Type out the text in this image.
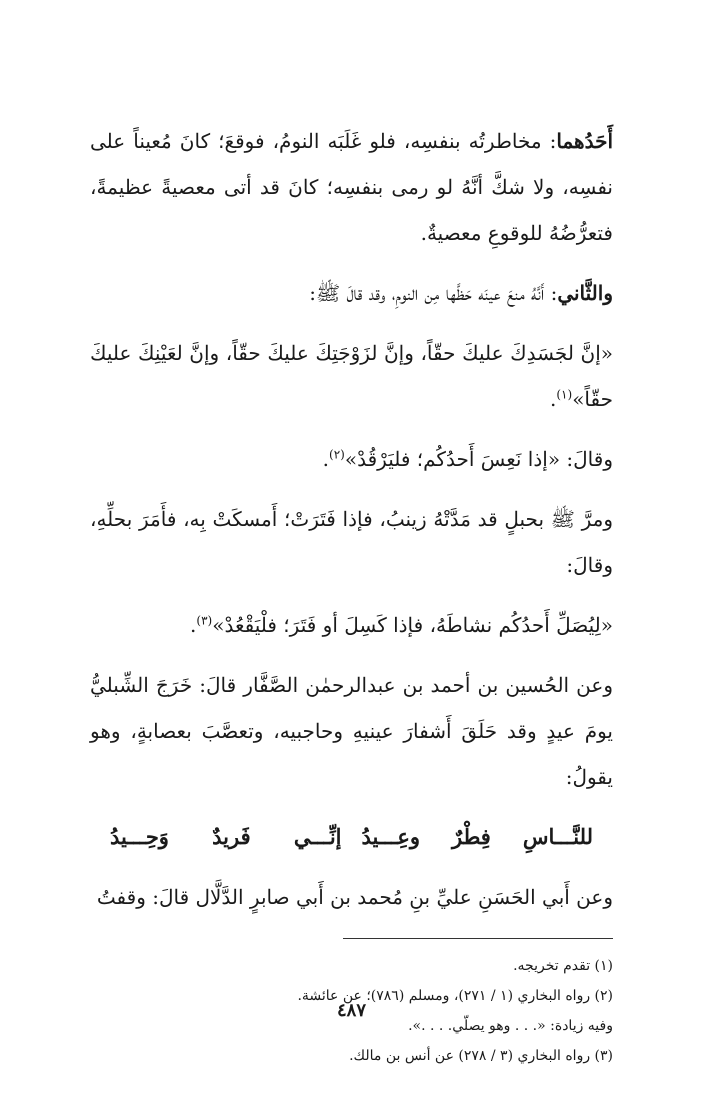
أَحَدُهما: مخاطرتُه بنفسِه، فلو غَلَبَه النومُ، فوقعَ؛ كانَ مُعيناً على نفسِه، ولا شكَّ أنَّهُ لو رمى بنفسِه؛ كانَ قد أتى معصيةً عظيمةً، فتعرُّضُهُ للوقوعِ معصيةٌ.

والثَّاني: أَنَّهُ منعَ عينَه حَظَّها مِن النومِ، وقد قالَ ﷺ:

«إنَّ لجَسَدِكَ عليكَ حقّاً، وإنَّ لزَوْجَتِكَ عليكَ حقّاً، وإنَّ لعَيْنِكَ عليكَ حقّاً»$^{(١)}$.

وقالَ: «إذا نَعِسَ أَحدُكُم؛ فليَرْقُدْ»$^{(٢)}$.

ومرَّ ﷺ بحبلٍ قد مَدَّتْهُ زينبُ، فإذا فَتَرَتْ؛ أَمسكَتْ بِه، فأَمَرَ بحلِّهِ، وقالَ:

«لِيُصَلِّ أَحدُكُم نشاطَهُ، فإذا كَسِلَ أو فَتَرَ؛ فلْيَقْعُدْ»$^{(٣)}$.

وعن الحُسين بن أحمد بن عبدالرحمٰن الصَّفَّار قالَ: خَرَجَ الشِّبليُّ يومَ عيدٍ وقد حَلَقَ أَشفارَ عينيهِ وحاجبيه، وتعصَّبَ بعصابةٍ، وهو يقولُ:

للنَّـــاسِ
فِطْرٌ
وعِـــيدُ
إنِّـــي
فَريدٌ
وَحِـــيدُ

وعن أَبي الحَسَنِ عليِّ بنِ مُحمد بن أَبي صابرٍ الدَّلَّال قالَ: وقفتُ

(١) تقدم تخريجه.

(٢) رواه البخاري (١ / ٢٧١)، ومسلم (٧٨٦)؛ عن عائشة.

وفيه زيادة: «. . . وهو يصلّي. . . .».

(٣) رواه البخاري (٣ / ٢٧٨) عن أنس بن مالك.

٤٨٧
